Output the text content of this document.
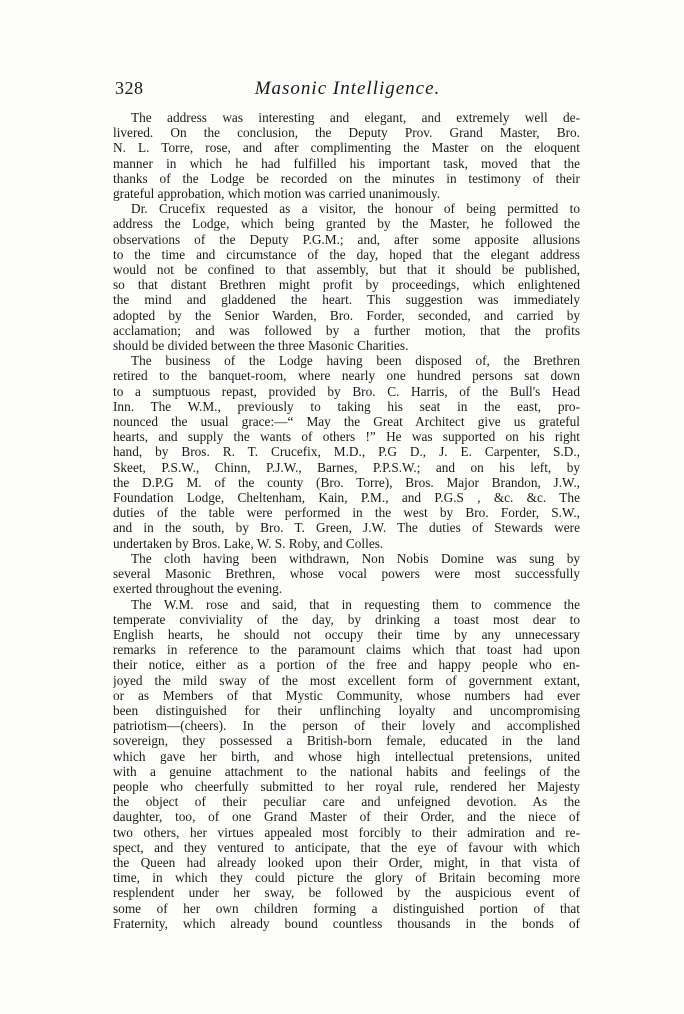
328	Masonic Intelligence.
The address was interesting and elegant, and extremely well de-
livered. On the conclusion, the Deputy Prov. Grand Master, Bro.
N. L. Torre, rose, and after complimenting the Master on the eloquent
manner in which he had fulfilled his important task, moved that the
thanks of the Lodge be recorded on the minutes in testimony of their
grateful approbation, which motion was carried unanimously.
Dr. Crucefix requested as a visitor, the honour of being permitted to
address the Lodge, which being granted by the Master, he followed the
observations of the Deputy P.G.M.; and, after some apposite allusions
to the time and circumstance of the day, hoped that the elegant address
would not be confined to that assembly, but that it should be published,
so that distant Brethren might profit by proceedings, which enlightened
the mind and gladdened the heart. This suggestion was immediately
adopted by the Senior Warden, Bro. Forder, seconded, and carried by
acclamation; and was followed by a further motion, that the profits
should be divided between the three Masonic Charities.
The business of the Lodge having been disposed of, the Brethren
retired to the banquet-room, where nearly one hundred persons sat down
to a sumptuous repast, provided by Bro. C. Harris, of the Bull's Head
Inn. The W.M., previously to taking his seat in the east, pro-
nounced the usual grace:—“ May the Great Architect give us grateful
hearts, and supply the wants of others !” He was supported on his right
hand, by Bros. R. T. Crucefix, M.D., P.G D., J. E. Carpenter, S.D.,
Skeet, P.S.W., Chinn, P.J.W., Barnes, P.P.S.W.; and on his left, by
the D.P.G M. of the county (Bro. Torre), Bros. Major Brandon, J.W.,
Foundation Lodge, Cheltenham, Kain, P.M., and P.G.S , &c. &c. The
duties of the table were performed in the west by Bro. Forder, S.W.,
and in the south, by Bro. T. Green, J.W. The duties of Stewards were
undertaken by Bros. Lake, W. S. Roby, and Colles.
The cloth having been withdrawn, Non Nobis Domine was sung by
several Masonic Brethren, whose vocal powers were most successfully
exerted throughout the evening.
The W.M. rose and said, that in requesting them to commence the
temperate conviviality of the day, by drinking a toast most dear to
English hearts, he should not occupy their time by any unnecessary
remarks in reference to the paramount claims which that toast had upon
their notice, either as a portion of the free and happy people who en-
joyed the mild sway of the most excellent form of government extant,
or as Members of that Mystic Community, whose numbers had ever
been distinguished for their unflinching loyalty and uncompromising
patriotism—(cheers). In the person of their lovely and accomplished
sovereign, they possessed a British-born female, educated in the land
which gave her birth, and whose high intellectual pretensions, united
with a genuine attachment to the national habits and feelings of the
people who cheerfully submitted to her royal rule, rendered her Majesty
the object of their peculiar care and unfeigned devotion. As the
daughter, too, of one Grand Master of their Order, and the niece of
two others, her virtues appealed most forcibly to their admiration and re-
spect, and they ventured to anticipate, that the eye of favour with which
the Queen had already looked upon their Order, might, in that vista of
time, in which they could picture the glory of Britain becoming more
resplendent under her sway, be followed by the auspicious event of
some of her own children forming a distinguished portion of that
Fraternity, which already bound countless thousands in the bonds of
